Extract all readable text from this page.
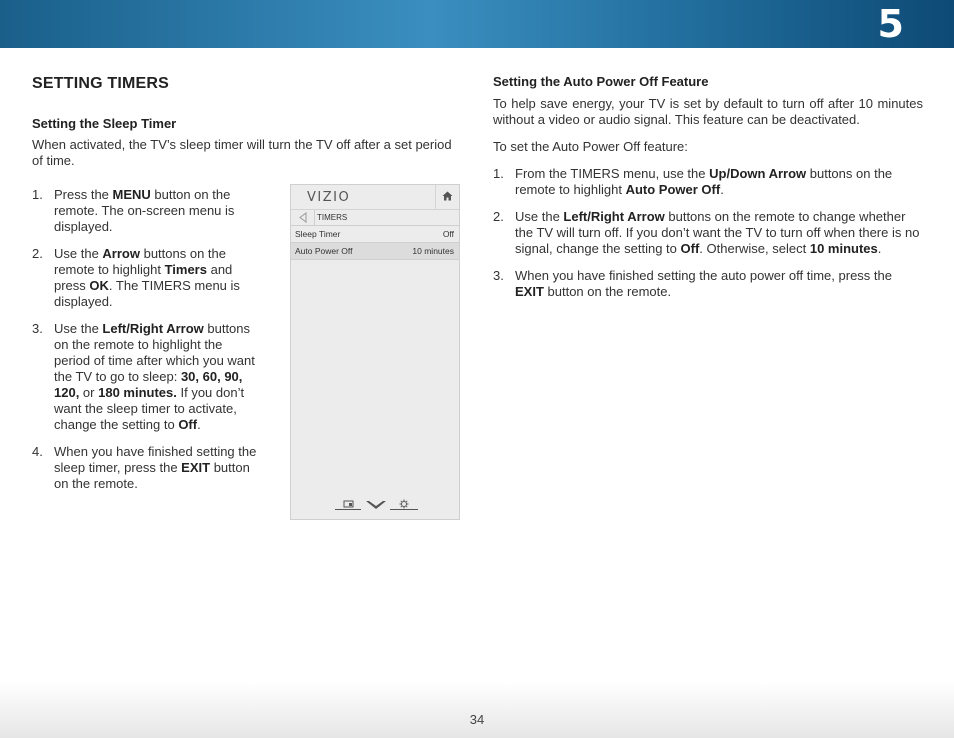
5
SETTING TIMERS
Setting the Sleep Timer

When activated, the TV’s sleep timer will turn the TV off after a set period of time.

1. Press the MENU button on the remote. The on-screen menu is displayed.
2. Use the Arrow buttons on the remote to highlight Timers and press OK. The TIMERS menu is displayed.
3. Use the Left/Right Arrow buttons on the remote to highlight the period of time after which you want the TV to go to sleep: 30, 60, 90, 120, or 180 minutes. If you don’t want the sleep timer to activate, change the setting to Off.
4. When you have finished setting the sleep timer, press the EXIT button on the remote.
VIZIO
TIMERS
Sleep Timer	Off
Auto Power Off	10 minutes
Setting the Auto Power Off Feature

To help save energy, your TV is set by default to turn off after 10 minutes without a video or audio signal. This feature can be deactivated.

To set the Auto Power Off feature:

1. From the TIMERS menu, use the Up/Down Arrow buttons on the remote to highlight Auto Power Off.
2. Use the Left/Right Arrow buttons on the remote to change whether the TV will turn off. If you don’t want the TV to turn off when there is no signal, change the setting to Off. Otherwise, select 10 minutes.
3. When you have finished setting the auto power off time, press the EXIT button on the remote.
34
